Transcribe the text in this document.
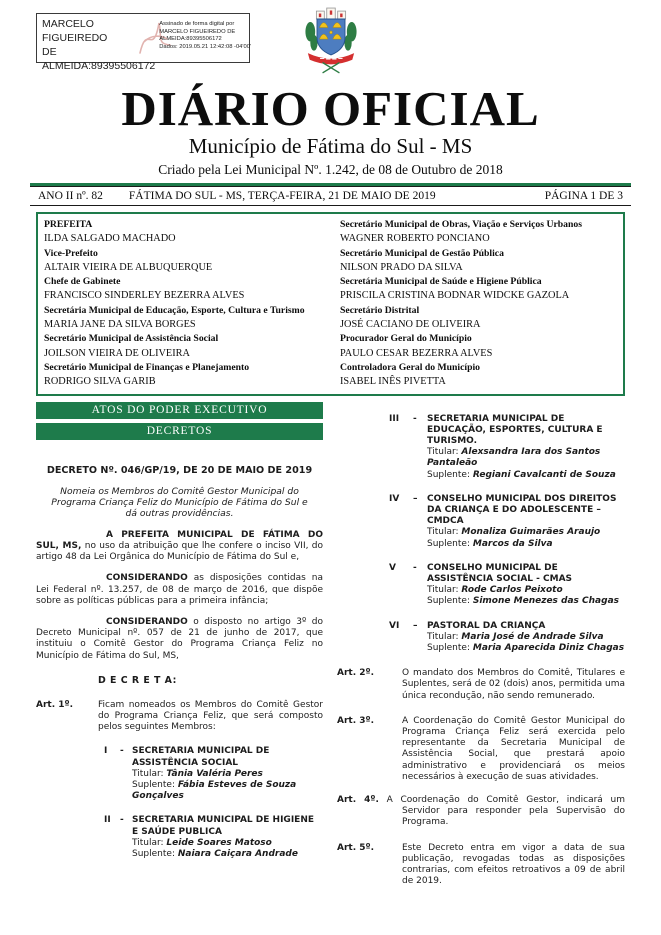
MARCELO FIGUEIREDO
DE
ALMEIDA:89395506172
Assinado de forma digital por
MARCELO FIGUEIREDO DE
ALMEIDA:89395506172
Dados: 2019.05.21 12:42:08 -04'00'
DIÁRIO OFICIAL
Município de Fátima do Sul - MS
Criado pela Lei Municipal Nº. 1.242, de 08 de Outubro de 2018
ANO II nº. 82 FÁTIMA DO SUL - MS, TERÇA-FEIRA, 21 DE MAIO DE 2019	PÁGINA 1 DE 3
PREFEITA
ILDA SALGADO MACHADO
Vice-Prefeito
ALTAIR VIEIRA DE ALBUQUERQUE
Chefe de Gabinete
FRANCISCO SINDERLEY BEZERRA ALVES
Secretária Municipal de Educação, Esporte, Cultura e Turismo
MARIA JANE DA SILVA BORGES
Secretário Municipal de Assistência Social
JOILSON VIEIRA DE OLIVEIRA
Secretário Municipal de Finanças e Planejamento
RODRIGO SILVA GARIB
Secretário Municipal de Obras, Viação e Serviços Urbanos
WAGNER ROBERTO PONCIANO
Secretário Municipal de Gestão Pública
NILSON PRADO DA SILVA
Secretária Municipal de Saúde e Higiene Pública
PRISCILA CRISTINA BODNAR WIDCKE GAZOLA
Secretário Distrital
JOSÉ CACIANO DE OLIVEIRA
Procurador Geral do Município
PAULO CESAR BEZERRA ALVES
Controladora Geral do Município
ISABEL INÊS PIVETTA
ATOS DO PODER EXECUTIVO
DECRETOS
DECRETO Nº. 046/GP/19, DE 20 DE MAIO DE 2019
Nomeia os Membros do Comitê Gestor Municipal do Programa Criança Feliz do Município de Fátima do Sul e dá outras providências.

A PREFEITA MUNICIPAL DE FÁTIMA DO SUL, MS, no uso da atribuição que lhe confere o inciso VII, do artigo 48 da Lei Orgânica do Município de Fátima do Sul e,

CONSIDERANDO as disposições contidas na Lei Federal nº. 13.257, de 08 de março de 2016, que dispõe sobre as políticas públicas para a primeira infância;

CONSIDERANDO o disposto no artigo 3º do Decreto Municipal nº. 057 de 21 de junho de 2017, que instituiu o Comitê Gestor do Programa Criança Feliz no Município de Fátima do Sul, MS,

D E C R E T A:
Art. 1º.	Ficam nomeados os Membros do Comitê Gestor do Programa Criança Feliz, que será composto pelos seguintes Membros:

I	- SECRETARIA MUNICIPAL DE ASSISTÊNCIA SOCIAL
Titular: Tânia Valéria Peres
Suplente: Fábia Esteves de Souza Gonçalves
II	- SECRETARIA MUNICIPAL DE HIGIENE E SAÚDE PUBLICA
Titular: Leide Soares Matoso
Suplente: Naiara Caiçara Andrade
III	-	SECRETARIA MUNICIPAL DE EDUCAÇÃO, ESPORTES, CULTURA E TURISMO.
Titular: Alexsandra Iara dos Santos Pantaleão
Suplente: Regiani Cavalcanti de Souza
IV	–	CONSELHO MUNICIPAL DOS DIREITOS DA CRIANÇA E DO ADOLESCENTE – CMDCA
Titular: Monaliza Guimarães Araujo
Suplente: Marcos da Silva
V	-	CONSELHO MUNICIPAL DE ASSISTÊNCIA SOCIAL - CMAS
Titular: Rode Carlos Peixoto
Suplente: Simone Menezes das Chagas
VI	–	PASTORAL DA CRIANÇA
Titular: Maria José de Andrade Silva
Suplente: Maria Aparecida Diniz Chagas
Art. 2º.	O mandato dos Membros do Comitê, Titulares e Suplentes, será de 02 (dois) anos, permitida uma única recondução, não sendo remunerado.

Art. 3º.	A Coordenação do Comitê Gestor Municipal do Programa Criança Feliz será exercida pelo representante da Secretaria Municipal de Assistência Social, que prestará apoio administrativo e providenciará os meios necessários à execução de suas atividades.

Art. 4º. A Coordenação do Comitê Gestor, indicará um Servidor para responder pela Supervisão do Programa.

Art. 5º.	Este Decreto entra em vigor a data de sua publicação, revogadas todas as disposições contrarias, com efeitos retroativos a 09 de abril de 2019.
